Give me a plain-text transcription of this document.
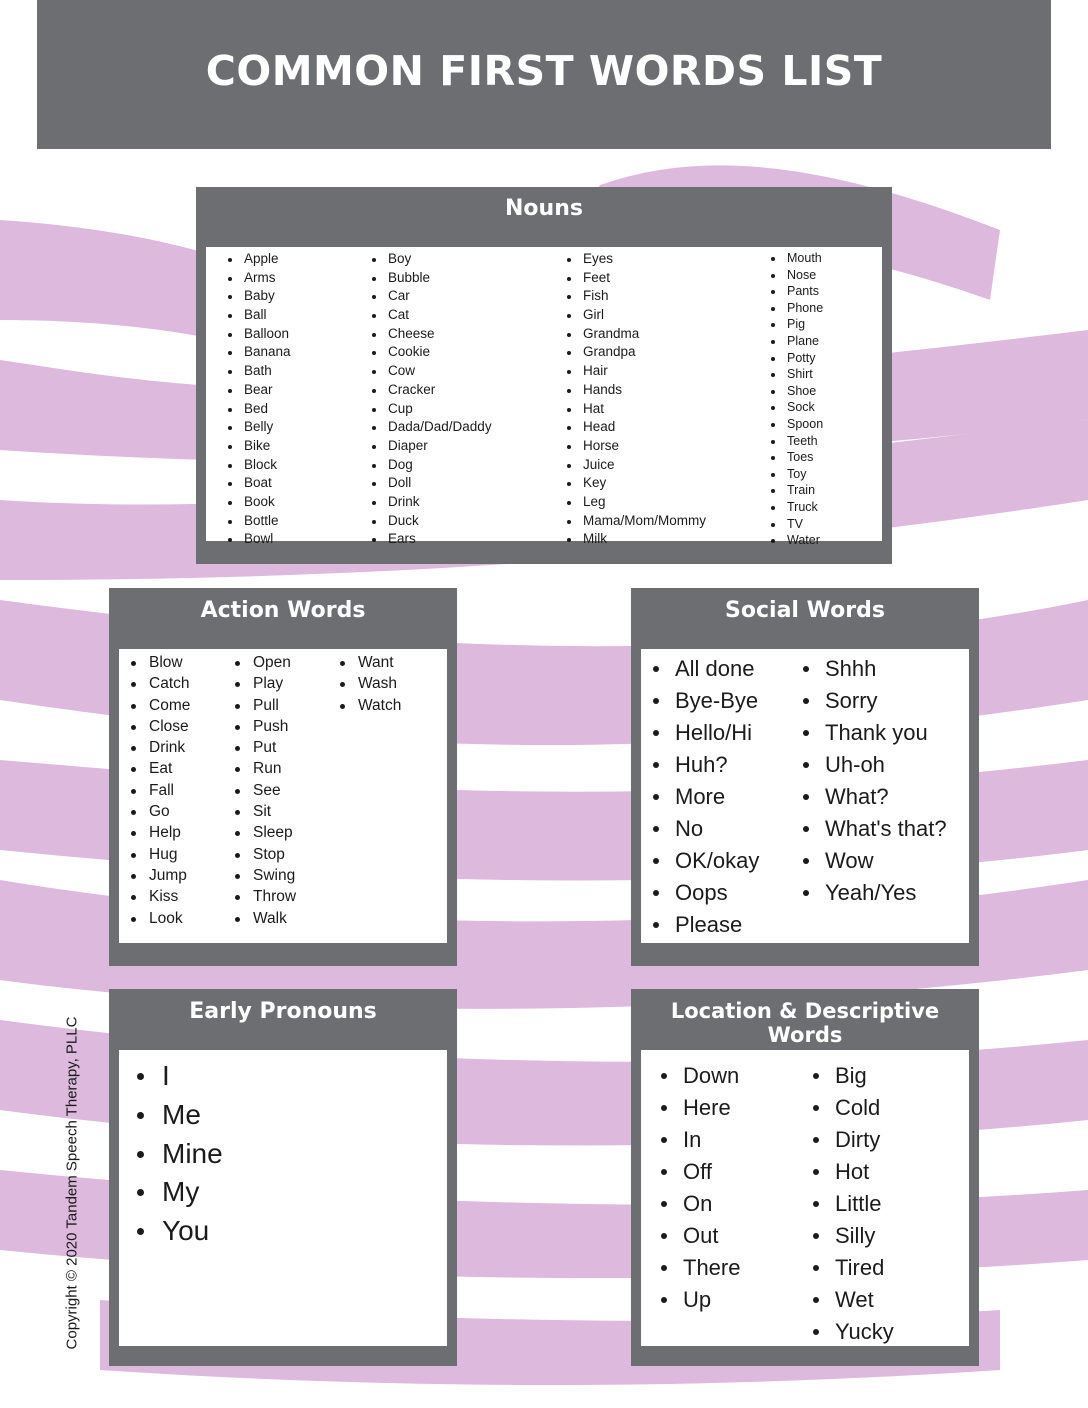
COMMON FIRST WORDS LIST
Nouns
Apple
Arms
Baby
Ball
Balloon
Banana
Bath
Bear
Bed
Belly
Bike
Block
Boat
Book
Bottle
Bowl
Boy
Bubble
Car
Cat
Cheese
Cookie
Cow
Cracker
Cup
Dada/Dad/Daddy
Diaper
Dog
Doll
Drink
Duck
Ears
Eyes
Feet
Fish
Girl
Grandma
Grandpa
Hair
Hands
Hat
Head
Horse
Juice
Key
Leg
Mama/Mom/Mommy
Milk
Mouth
Nose
Pants
Phone
Pig
Plane
Potty
Shirt
Shoe
Sock
Spoon
Teeth
Toes
Toy
Train
Truck
TV
Water
Action Words
Blow
Catch
Come
Close
Drink
Eat
Fall
Go
Help
Hug
Jump
Kiss
Look
Open
Play
Pull
Push
Put
Run
See
Sit
Sleep
Stop
Swing
Throw
Walk
Want
Wash
Watch
Social Words
All done
Bye-Bye
Hello/Hi
Huh?
More
No
OK/okay
Oops
Please
Shhh
Sorry
Thank you
Uh-oh
What?
What's that?
Wow
Yeah/Yes
Early Pronouns
I
Me
Mine
My
You
Location & Descriptive Words
Down
Here
In
Off
On
Out
There
Up
Big
Cold
Dirty
Hot
Little
Silly
Tired
Wet
Yucky
Copyright © 2020 Tandem Speech Therapy, PLLC
